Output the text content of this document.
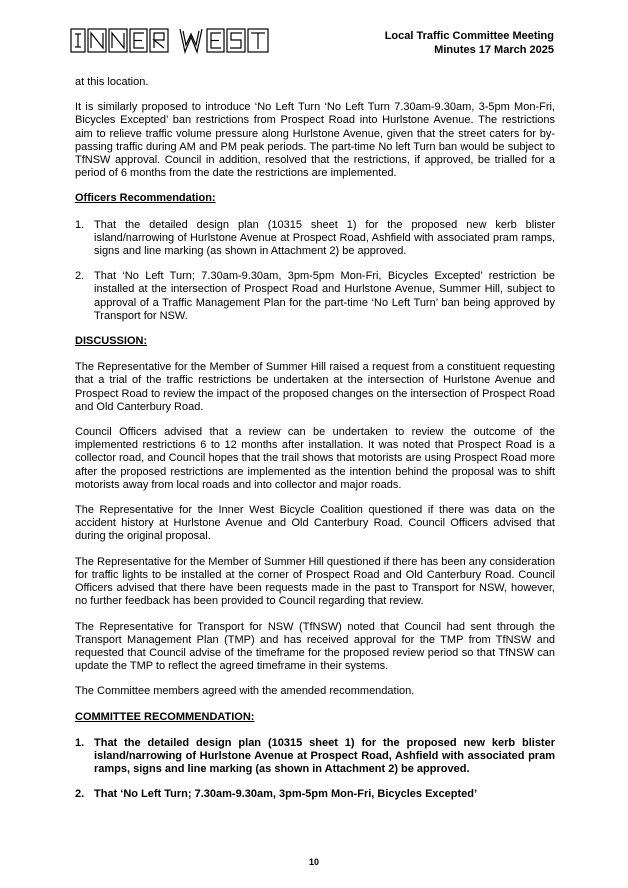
Local Traffic Committee Meeting
Minutes 17 March 2025

at this location.

It is similarly proposed to introduce ‘No Left Turn ‘No Left Turn 7.30am-9.30am, 3-5pm Mon-Fri, Bicycles Excepted’ ban restrictions from Prospect Road into Hurlstone Avenue. The restrictions aim to relieve traffic volume pressure along Hurlstone Avenue, given that the street caters for by-passing traffic during AM and PM peak periods. The part-time No left Turn ban would be subject to TfNSW approval. Council in addition, resolved that the restrictions, if approved, be trialled for a period of 6 months from the date the restrictions are implemented.

Officers Recommendation:
1. That the detailed design plan (10315 sheet 1) for the proposed new kerb blister island/narrowing of Hurlstone Avenue at Prospect Road, Ashfield with associated pram ramps, signs and line marking (as shown in Attachment 2) be approved.
2. That ‘No Left Turn; 7.30am-9.30am, 3pm-5pm Mon-Fri, Bicycles Excepted’ restriction be installed at the intersection of Prospect Road and Hurlstone Avenue, Summer Hill, subject to approval of a Traffic Management Plan for the part-time ‘No Left Turn’ ban being approved by Transport for NSW.
DISCUSSION:

The Representative for the Member of Summer Hill raised a request from a constituent requesting that a trial of the traffic restrictions be undertaken at the intersection of Hurlstone Avenue and Prospect Road to review the impact of the proposed changes on the intersection of Prospect Road and Old Canterbury Road.

Council Officers advised that a review can be undertaken to review the outcome of the implemented restrictions 6 to 12 months after installation. It was noted that Prospect Road is a collector road, and Council hopes that the trail shows that motorists are using Prospect Road more after the proposed restrictions are implemented as the intention behind the proposal was to shift motorists away from local roads and into collector and major roads.

The Representative for the Inner West Bicycle Coalition questioned if there was data on the accident history at Hurlstone Avenue and Old Canterbury Road. Council Officers advised that during the original proposal.

The Representative for the Member of Summer Hill questioned if there has been any consideration for traffic lights to be installed at the corner of Prospect Road and Old Canterbury Road. Council Officers advised that there have been requests made in the past to Transport for NSW, however, no further feedback has been provided to Council regarding that review.

The Representative for Transport for NSW (TfNSW) noted that Council had sent through the Transport Management Plan (TMP) and has received approval for the TMP from TfNSW and requested that Council advise of the timeframe for the proposed review period so that TfNSW can update the TMP to reflect the agreed timeframe in their systems.

The Committee members agreed with the amended recommendation.

COMMITTEE RECOMMENDATION:
1. That the detailed design plan (10315 sheet 1) for the proposed new kerb blister island/narrowing of Hurlstone Avenue at Prospect Road, Ashfield with associated pram ramps, signs and line marking (as shown in Attachment 2) be approved.
2. That ‘No Left Turn; 7.30am-9.30am, 3pm-5pm Mon-Fri, Bicycles Excepted’
10
